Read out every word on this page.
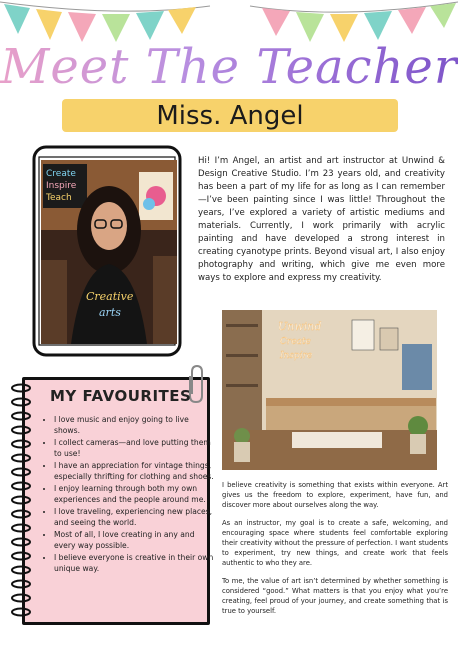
Meet The Teacher
Miss. Angel
Create
Inspire
Teach
Creative
arts
Hi! I’m Angel, an artist and art instructor at Unwind & Design Creative Studio. I’m 23 years old, and creativity has been a part of my life for as long as I can remember—I’ve been painting since I was little! Throughout the years, I’ve explored a variety of artistic mediums and materials. Currently, I work primarily with acrylic painting and have developed a strong interest in creating cyanotype prints. Beyond visual art, I also enjoy photography and writing, which give me even more ways to explore and express my creativity.
Unwind
Create
Inspire

I believe creativity is something that exists within everyone. Art gives us the freedom to explore, experiment, have fun, and discover more about ourselves along the way.

As an instructor, my goal is to create a safe, welcoming, and encouraging space where students feel comfortable exploring their creativity without the pressure of perfection. I want students to experiment, try new things, and create work that feels authentic to who they are.

To me, the value of art isn’t determined by whether something is considered “good.” What matters is that you enjoy what you’re creating, feel proud of your journey, and create something that is true to yourself.

MY FAVOURITES
• I love music and enjoy going to live shows.
• I collect cameras—and love putting them to use!
• I have an appreciation for vintage things, especially thrifting for clothing and shoes.
• I enjoy learning through both my own experiences and the people around me.
• I love traveling, experiencing new places, and seeing the world.
• Most of all, I love creating in any and every way possible.
• I believe everyone is creative in their own unique way.
